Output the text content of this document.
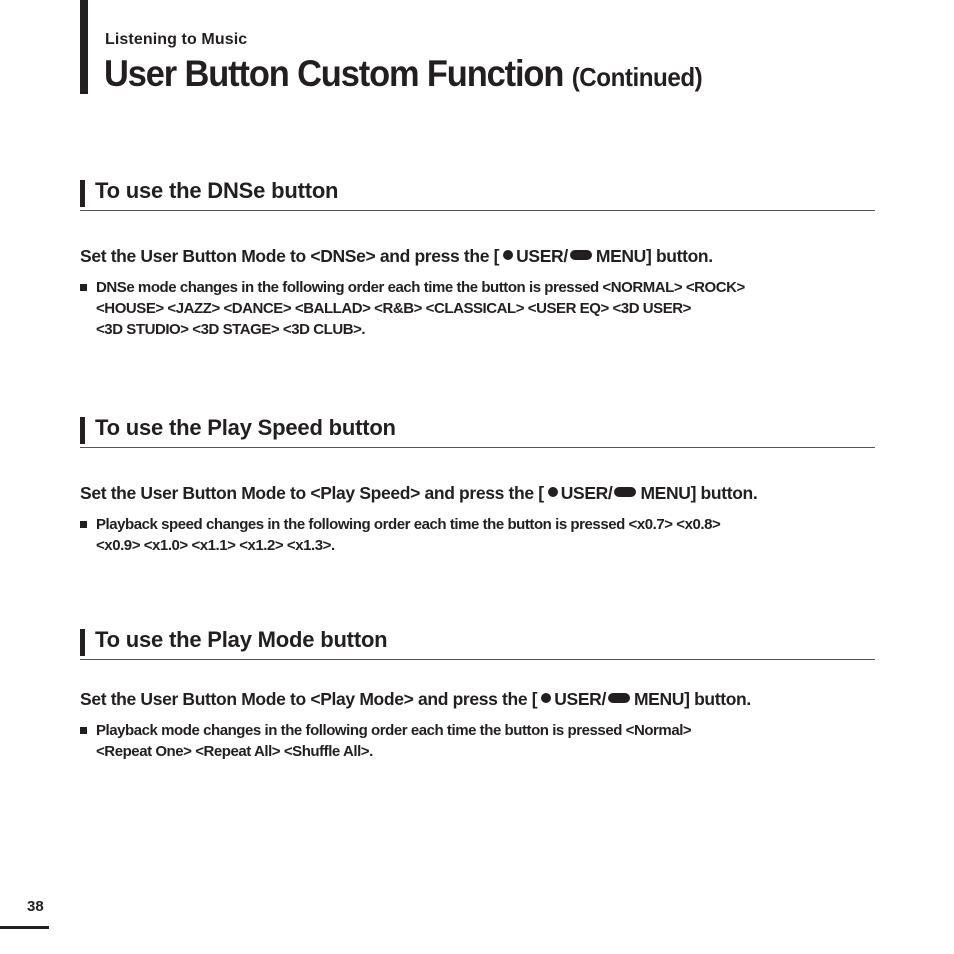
Listening to Music
User Button Custom Function (Continued)
To use the DNSe button
Set the User Button Mode to <DNSe> and press the [ USER/ MENU] button.
DNSe mode changes in the following order each time the button is pressed <NORMAL> <ROCK>
<HOUSE> <JAZZ> <DANCE> <BALLAD> <R&B> <CLASSICAL> <USER EQ> <3D USER>
<3D STUDIO> <3D STAGE> <3D CLUB>.
To use the Play Speed button
Set the User Button Mode to <Play Speed> and press the [ USER/ MENU] button.
Playback speed changes in the following order each time the button is pressed <x0.7> <x0.8>
<x0.9> <x1.0> <x1.1> <x1.2> <x1.3>.
To use the Play Mode button
Set the User Button Mode to <Play Mode> and press the [ USER/ MENU] button.
Playback mode changes in the following order each time the button is pressed <Normal>
<Repeat One> <Repeat All> <Shuffle All>.
38
